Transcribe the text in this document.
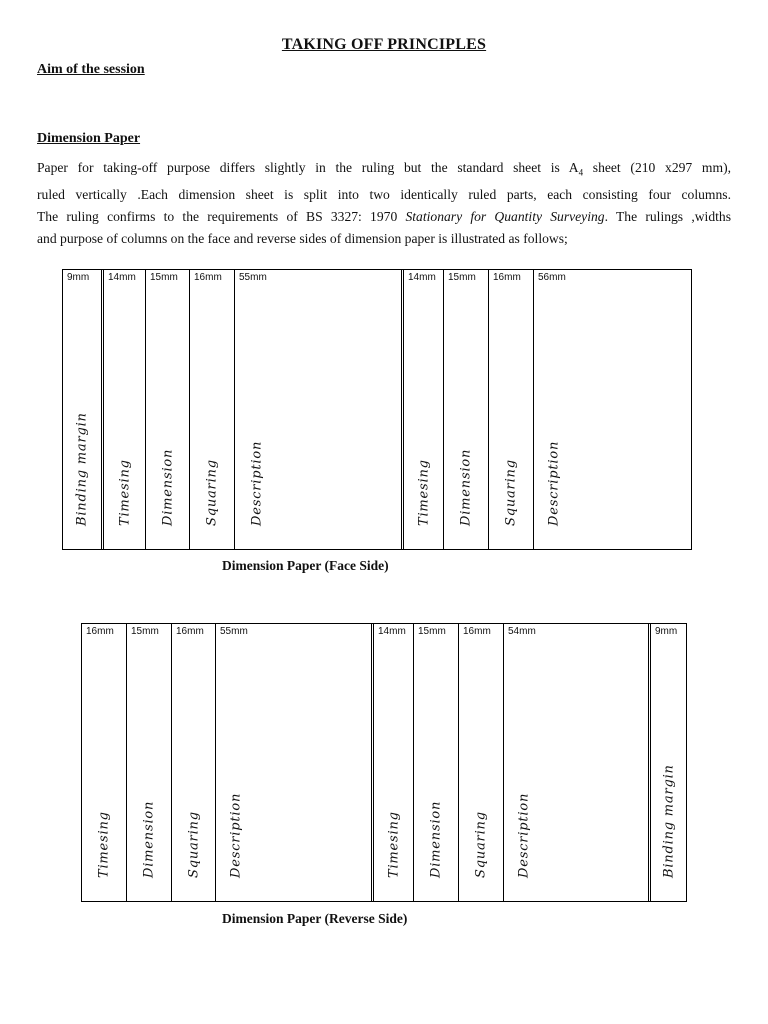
TAKING OFF PRINCIPLES
Aim of the session
Dimension Paper
Paper for taking-off purpose differs slightly in the ruling but the standard sheet is $A_4$ sheet (210 x297 mm),
ruled vertically .Each dimension sheet is split into two identically ruled parts, each consisting four columns.
The ruling confirms to the requirements of BS 3327: 1970 Stationary for Quantity Surveying. The rulings ,widths
and purpose of columns on the face and reverse sides of dimension paper is illustrated as follows;
9mm
Binding margin
14mm
Timesing
15mm
Dimension
16mm
Squaring
55mm
Description
14mm
Timesing
15mm
Dimension
16mm
Squaring
56mm
Description
Dimension Paper (Face Side)
16mm
Timesing
15mm
Dimension
16mm
Squaring
55mm
Description
14mm
Timesing
15mm
Dimension
16mm
Squaring
54mm
Description
9mm
Binding margin
Dimension Paper (Reverse Side)
